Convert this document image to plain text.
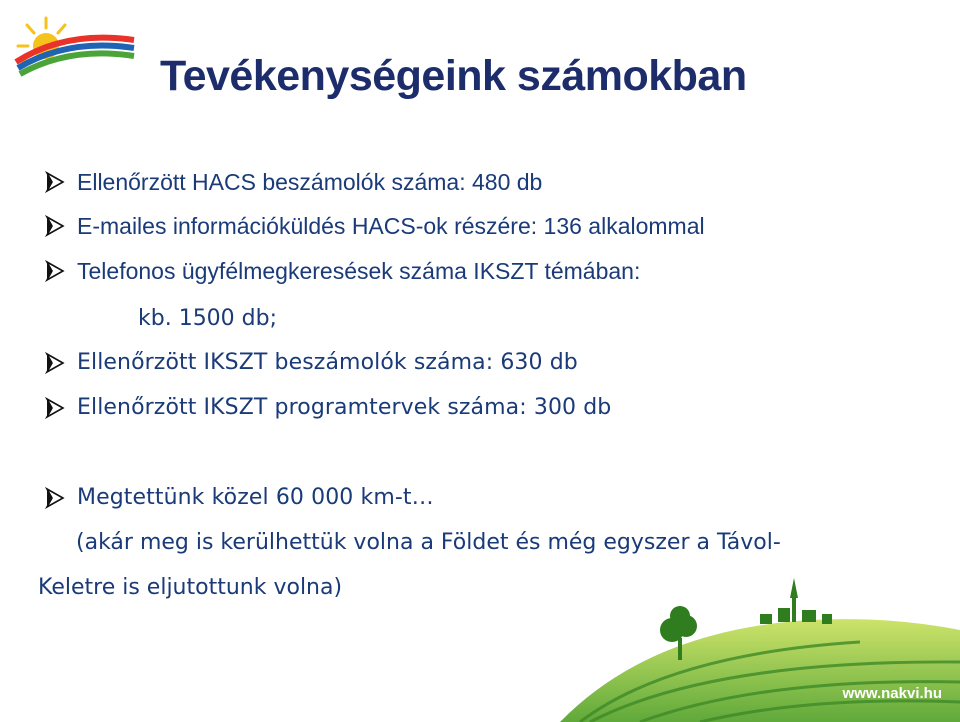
Tevékenységeink számokban
Ellenőrzött HACS beszámolók száma: 480 db
E-mailes információküldés HACS-ok részére: 136 alkalommal
Telefonos ügyfélmegkeresések száma IKSZT témában:
kb. 1500 db;
Ellenőrzött IKSZT beszámolók száma: 630 db
Ellenőrzött IKSZT programtervek száma: 300 db
Megtettünk közel 60 000 km-t…
(akár meg is kerülhettük volna a Földet és még egyszer a Távol-
Keletre is eljutottunk volna)
www.nakvi.hu
